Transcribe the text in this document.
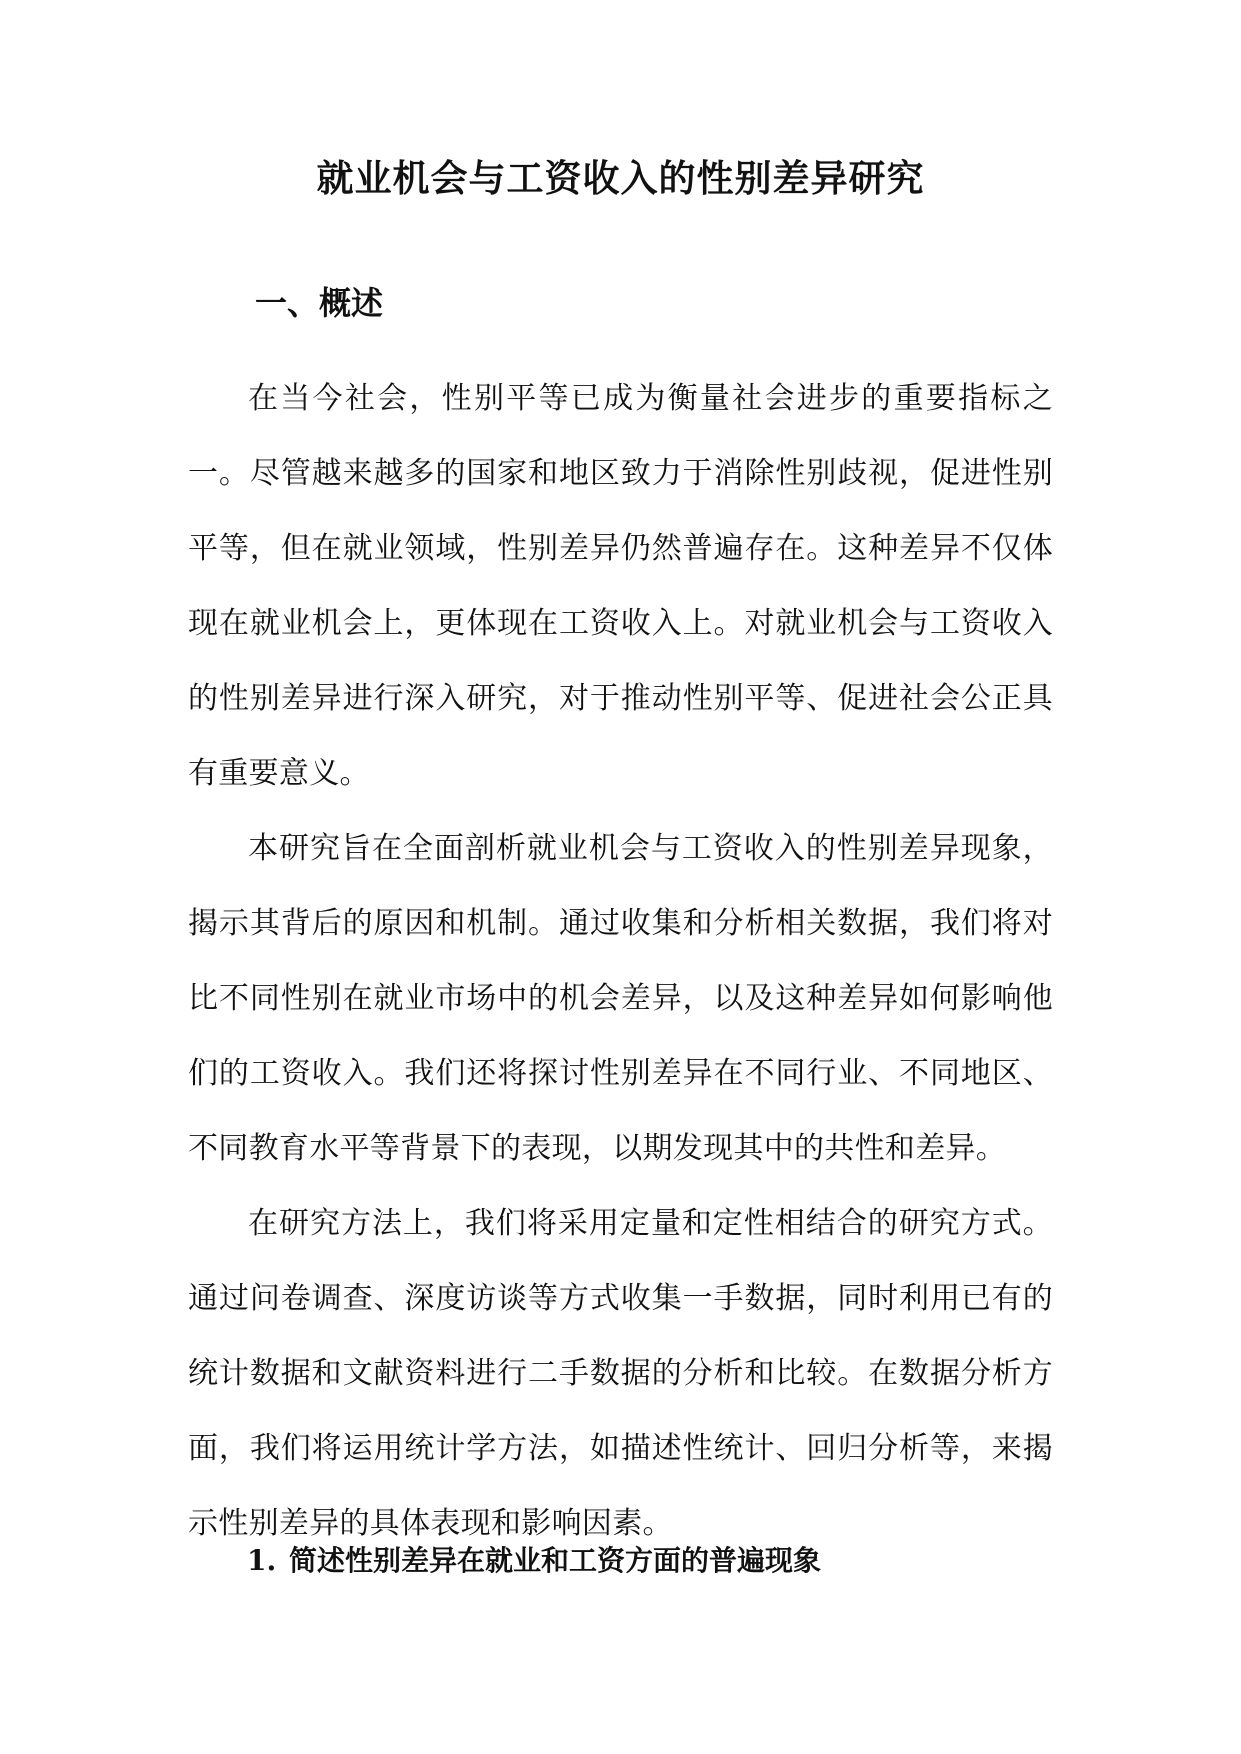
就业机会与工资收入的性别差异研究
一、概述

在当今社会，性别平等已成为衡量社会进步的重要指标之一。尽管越来越多的国家和地区致力于消除性别歧视，促进性别平等，但在就业领域，性别差异仍然普遍存在。这种差异不仅体现在就业机会上，更体现在工资收入上。对就业机会与工资收入的性别差异进行深入研究，对于推动性别平等、促进社会公正具有重要意义。

本研究旨在全面剖析就业机会与工资收入的性别差异现象，揭示其背后的原因和机制。通过收集和分析相关数据，我们将对比不同性别在就业市场中的机会差异，以及这种差异如何影响他们的工资收入。我们还将探讨性别差异在不同行业、不同地区、不同教育水平等背景下的表现，以期发现其中的共性和差异。

在研究方法上，我们将采用定量和定性相结合的研究方式。通过问卷调查、深度访谈等方式收集一手数据，同时利用已有的统计数据和文献资料进行二手数据的分析和比较。在数据分析方面，我们将运用统计学方法，如描述性统计、回归分析等，来揭示性别差异的具体表现和影响因素。

1. 简述性别差异在就业和工资方面的普遍现象
